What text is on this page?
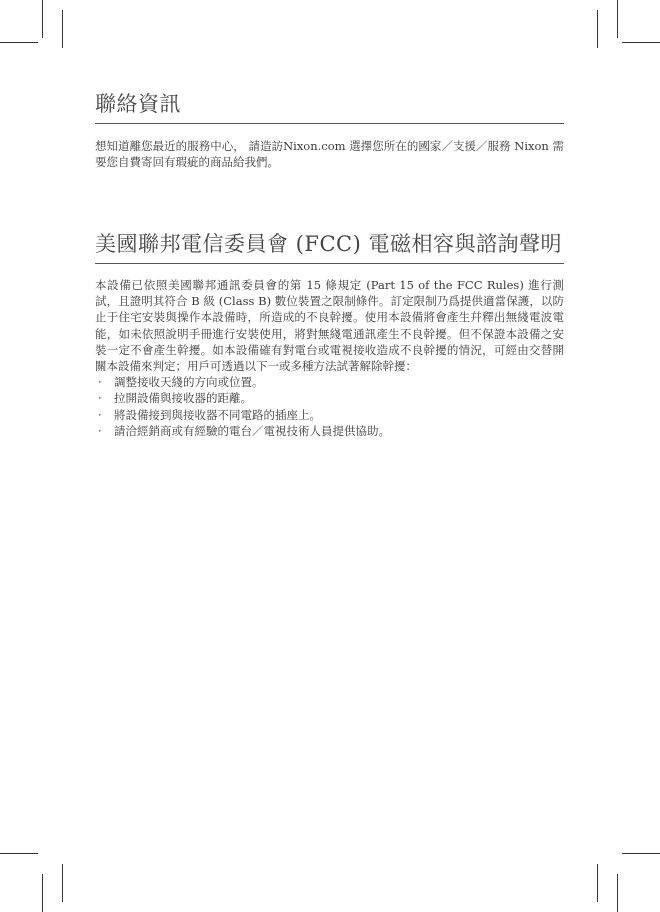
聯絡資訊

想知道離您最近的服務中心， 請造訪Nixon.com 選擇您所在的國家／支援／服務 Nixon 需要您自費寄回有瑕疵的商品給我們。

美國聯邦電信委員會 (FCC) 電磁相容與諮詢聲明

本設備已依照美國聯邦通訊委員會的第 15 條規定 (Part 15 of the FCC Rules) 進行測試，且證明其符合 B 級 (Class B) 數位裝置之限制條件。訂定限制乃爲提供適當保護，以防止于住宅安裝與操作本設備時，所造成的不良幹擾。使用本設備將會產生幷釋出無綫電波電能，如未依照說明手冊進行安裝使用，將對無綫電通訊產生不良幹擾。但不保證本設備之安裝一定不會產生幹擾。如本設備確有對電台或電視接收造成不良幹擾的情況，可經由交替開關本設備來判定；用戶可透過以下一或多種方法試著解除幹擾：

‧ 調整接收天綫的方向或位置。
‧ 拉開設備與接收器的距離。
‧ 將設備接到與接收器不同電路的插座上。
‧ 請洽經銷商或有經驗的電台／電視技術人員提供協助。
